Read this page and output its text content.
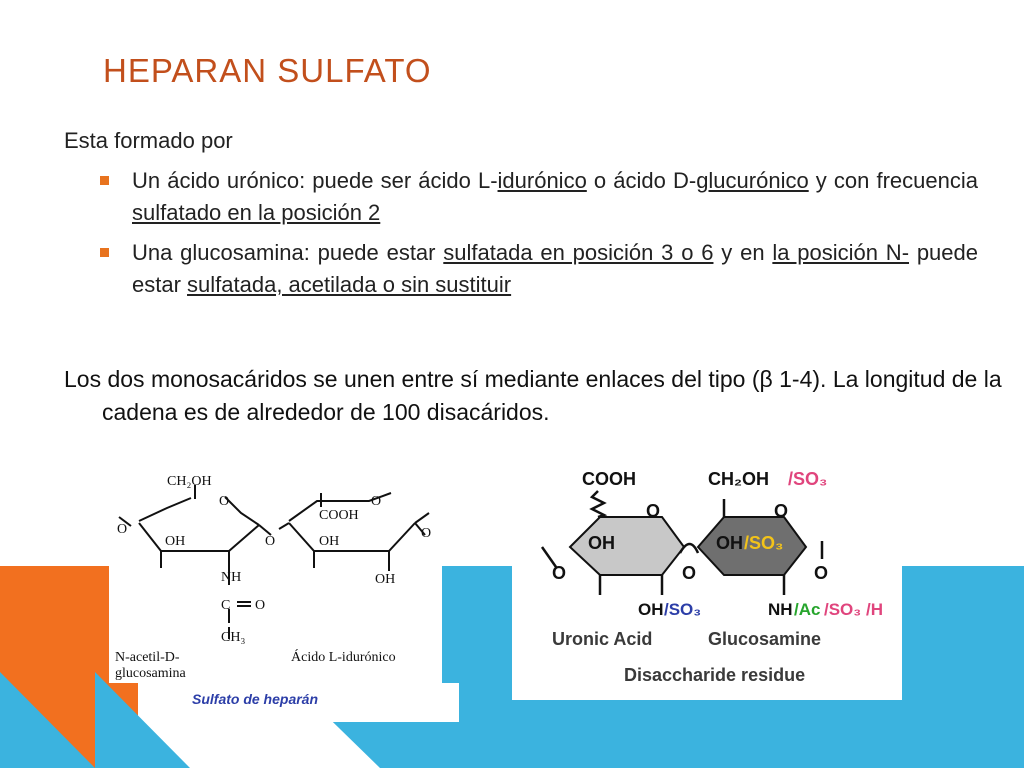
HEPARAN SULFATO
Esta formado por
Un ácido urónico: puede ser ácido L-idurónico o ácido D-glucurónico y con frecuencia sulfatado en la posición 2
Una glucosamina: puede estar sulfatada en posición 3 o 6 y en la posición N- puede estar sulfatada, acetilada o sin sustituir
Los dos monosacáridos se unen entre sí mediante enlaces del tipo (β 1-4). La longitud de la cadena es de alrededor de 100 disacáridos.
CH₂OH
O
O
OH	O
NH
C O
CH₃
O
COOH
OH
OH
O
N-acetil-D-
glucosamina
Ácido L-idurónico
Sulfato de heparán
COOH	CH₂OH /SO₃
O	O
OH	OH /SO₃
O	O	O
OH /SO₃	NH /Ac /SO₃ /H
Uronic Acid	Glucosamine
Disaccharide residue
